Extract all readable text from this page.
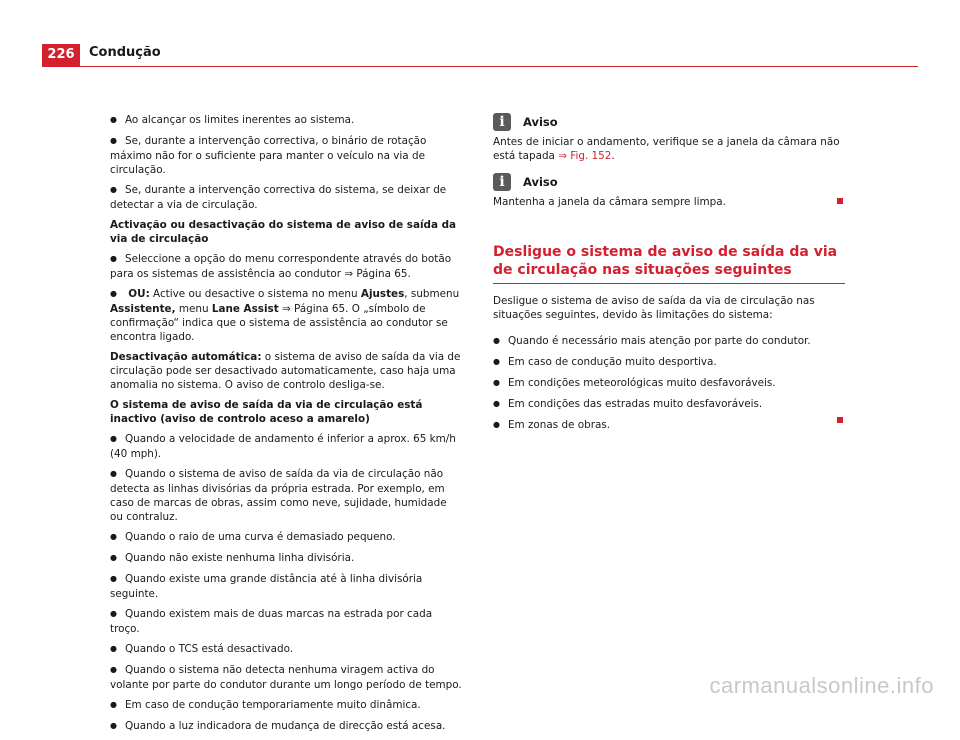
226	Condução
● Ao alcançar os limites inerentes ao sistema.
● Se, durante a intervenção correctiva, o binário de rotação máximo não for o suficiente para manter o veículo na via de circulação.
● Se, durante a intervenção correctiva do sistema, se deixar de detectar a via de circulação.
Activação ou desactivação do sistema de aviso de saída da via de circulação
● Seleccione a opção do menu correspondente através do botão para os sistemas de assistência ao condutor ⇒ Página 65.
● OU: Active ou desactive o sistema no menu Ajustes, submenu Assistente, menu Lane Assist ⇒ Página 65. O „símbolo de confirmação“ indica que o sistema de assistência ao condutor se encontra ligado.

Desactivação automática: o sistema de aviso de saída da via de circulação pode ser desactivado automaticamente, caso haja uma anomalia no sistema. O aviso de controlo desliga-se.

O sistema de aviso de saída da via de circulação está inactivo (aviso de controlo aceso a amarelo)
● Quando a velocidade de andamento é inferior a aprox. 65 km/h (40 mph).
● Quando o sistema de aviso de saída da via de circulação não detecta as linhas divisórias da própria estrada. Por exemplo, em caso de marcas de obras, assim como neve, sujidade, humidade ou contraluz.
● Quando o raio de uma curva é demasiado pequeno.
● Quando não existe nenhuma linha divisória.
● Quando existe uma grande distância até à linha divisória seguinte.
● Quando existem mais de duas marcas na estrada por cada troço.
● Quando o TCS está desactivado.
● Quando o sistema não detecta nenhuma viragem activa do volante por parte do condutor durante um longo período de tempo.
● Em caso de condução temporariamente muito dinâmica.
● Quando a luz indicadora de mudança de direcção está acesa.
i	Aviso
Antes de iniciar o andamento, verifique se a janela da câmara não está tapada ⇒ Fig. 152.
i	Aviso
Mantenha a janela da câmara sempre limpa.
Desligue o sistema de aviso de saída da via de circulação nas situações seguintes

Desligue o sistema de aviso de saída da via de circulação nas situações seguintes, devido às limitações do sistema:

● Quando é necessário mais atenção por parte do condutor.
● Em caso de condução muito desportiva.
● Em condições meteorológicas muito desfavoráveis.
● Em condições das estradas muito desfavoráveis.
● Em zonas de obras.
carmanualsonline.info
